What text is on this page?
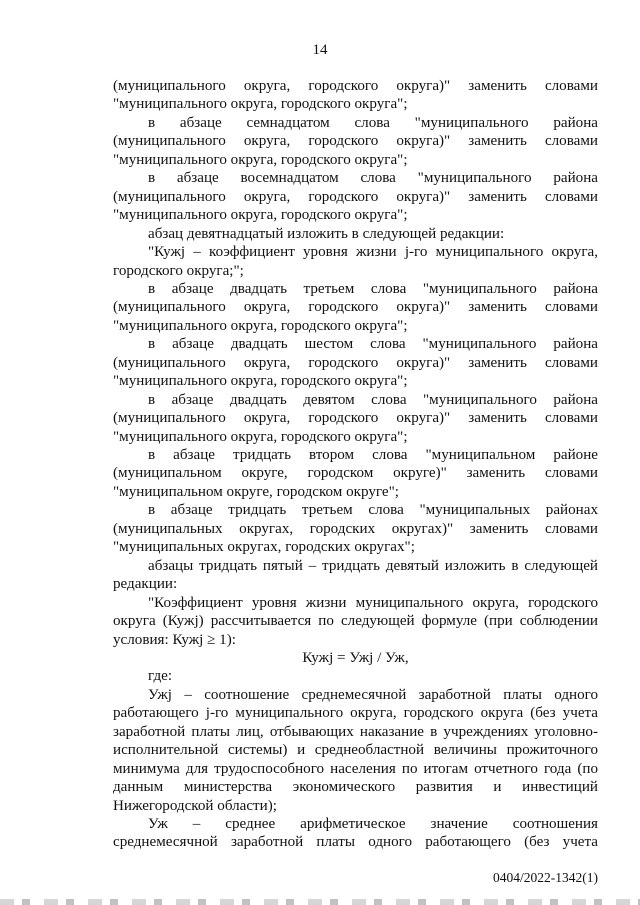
14
(муниципального округа, городского округа)" заменить словами
"муниципального округа, городского округа";
в абзаце семнадцатом слова "муниципального района
(муниципального округа, городского округа)" заменить словами
"муниципального округа, городского округа";
в абзаце восемнадцатом слова "муниципального района
(муниципального округа, городского округа)" заменить словами
"муниципального округа, городского округа";
абзац девятнадцатый изложить в следующей редакции:
"Кужj – коэффициент уровня жизни j-го муниципального округа,
городского округа;";
в абзаце двадцать третьем слова "муниципального района
(муниципального округа, городского округа)" заменить словами
"муниципального округа, городского округа";
в абзаце двадцать шестом слова "муниципального района
(муниципального округа, городского округа)" заменить словами
"муниципального округа, городского округа";
в абзаце двадцать девятом слова "муниципального района
(муниципального округа, городского округа)" заменить словами
"муниципального округа, городского округа";
в абзаце тридцать втором слова "муниципальном районе
(муниципальном округе, городском округе)" заменить словами
"муниципальном округе, городском округе";
в абзаце тридцать третьем слова "муниципальных районах
(муниципальных округах, городских округах)" заменить словами
"муниципальных округах, городских округах";
абзацы тридцать пятый – тридцать девятый изложить в следующей
редакции:
"Коэффициент уровня жизни муниципального округа, городского
округа (Кужj) рассчитывается по следующей формуле (при соблюдении
условия: Кужj ≥ 1):
Кужj = Ужj / Уж,
где:
Ужj – соотношение среднемесячной заработной платы одного
работающего j-го муниципального округа, городского округа (без учета
заработной платы лиц, отбывающих наказание в учреждениях уголовно-
исполнительной системы) и среднеобластной величины прожиточного
минимума для трудоспособного населения по итогам отчетного года (по
данным министерства экономического развития и инвестиций
Нижегородской области);
Уж – среднее арифметическое значение соотношения
среднемесячной заработной платы одного работающего (без учета
0404/2022-1342(1)
